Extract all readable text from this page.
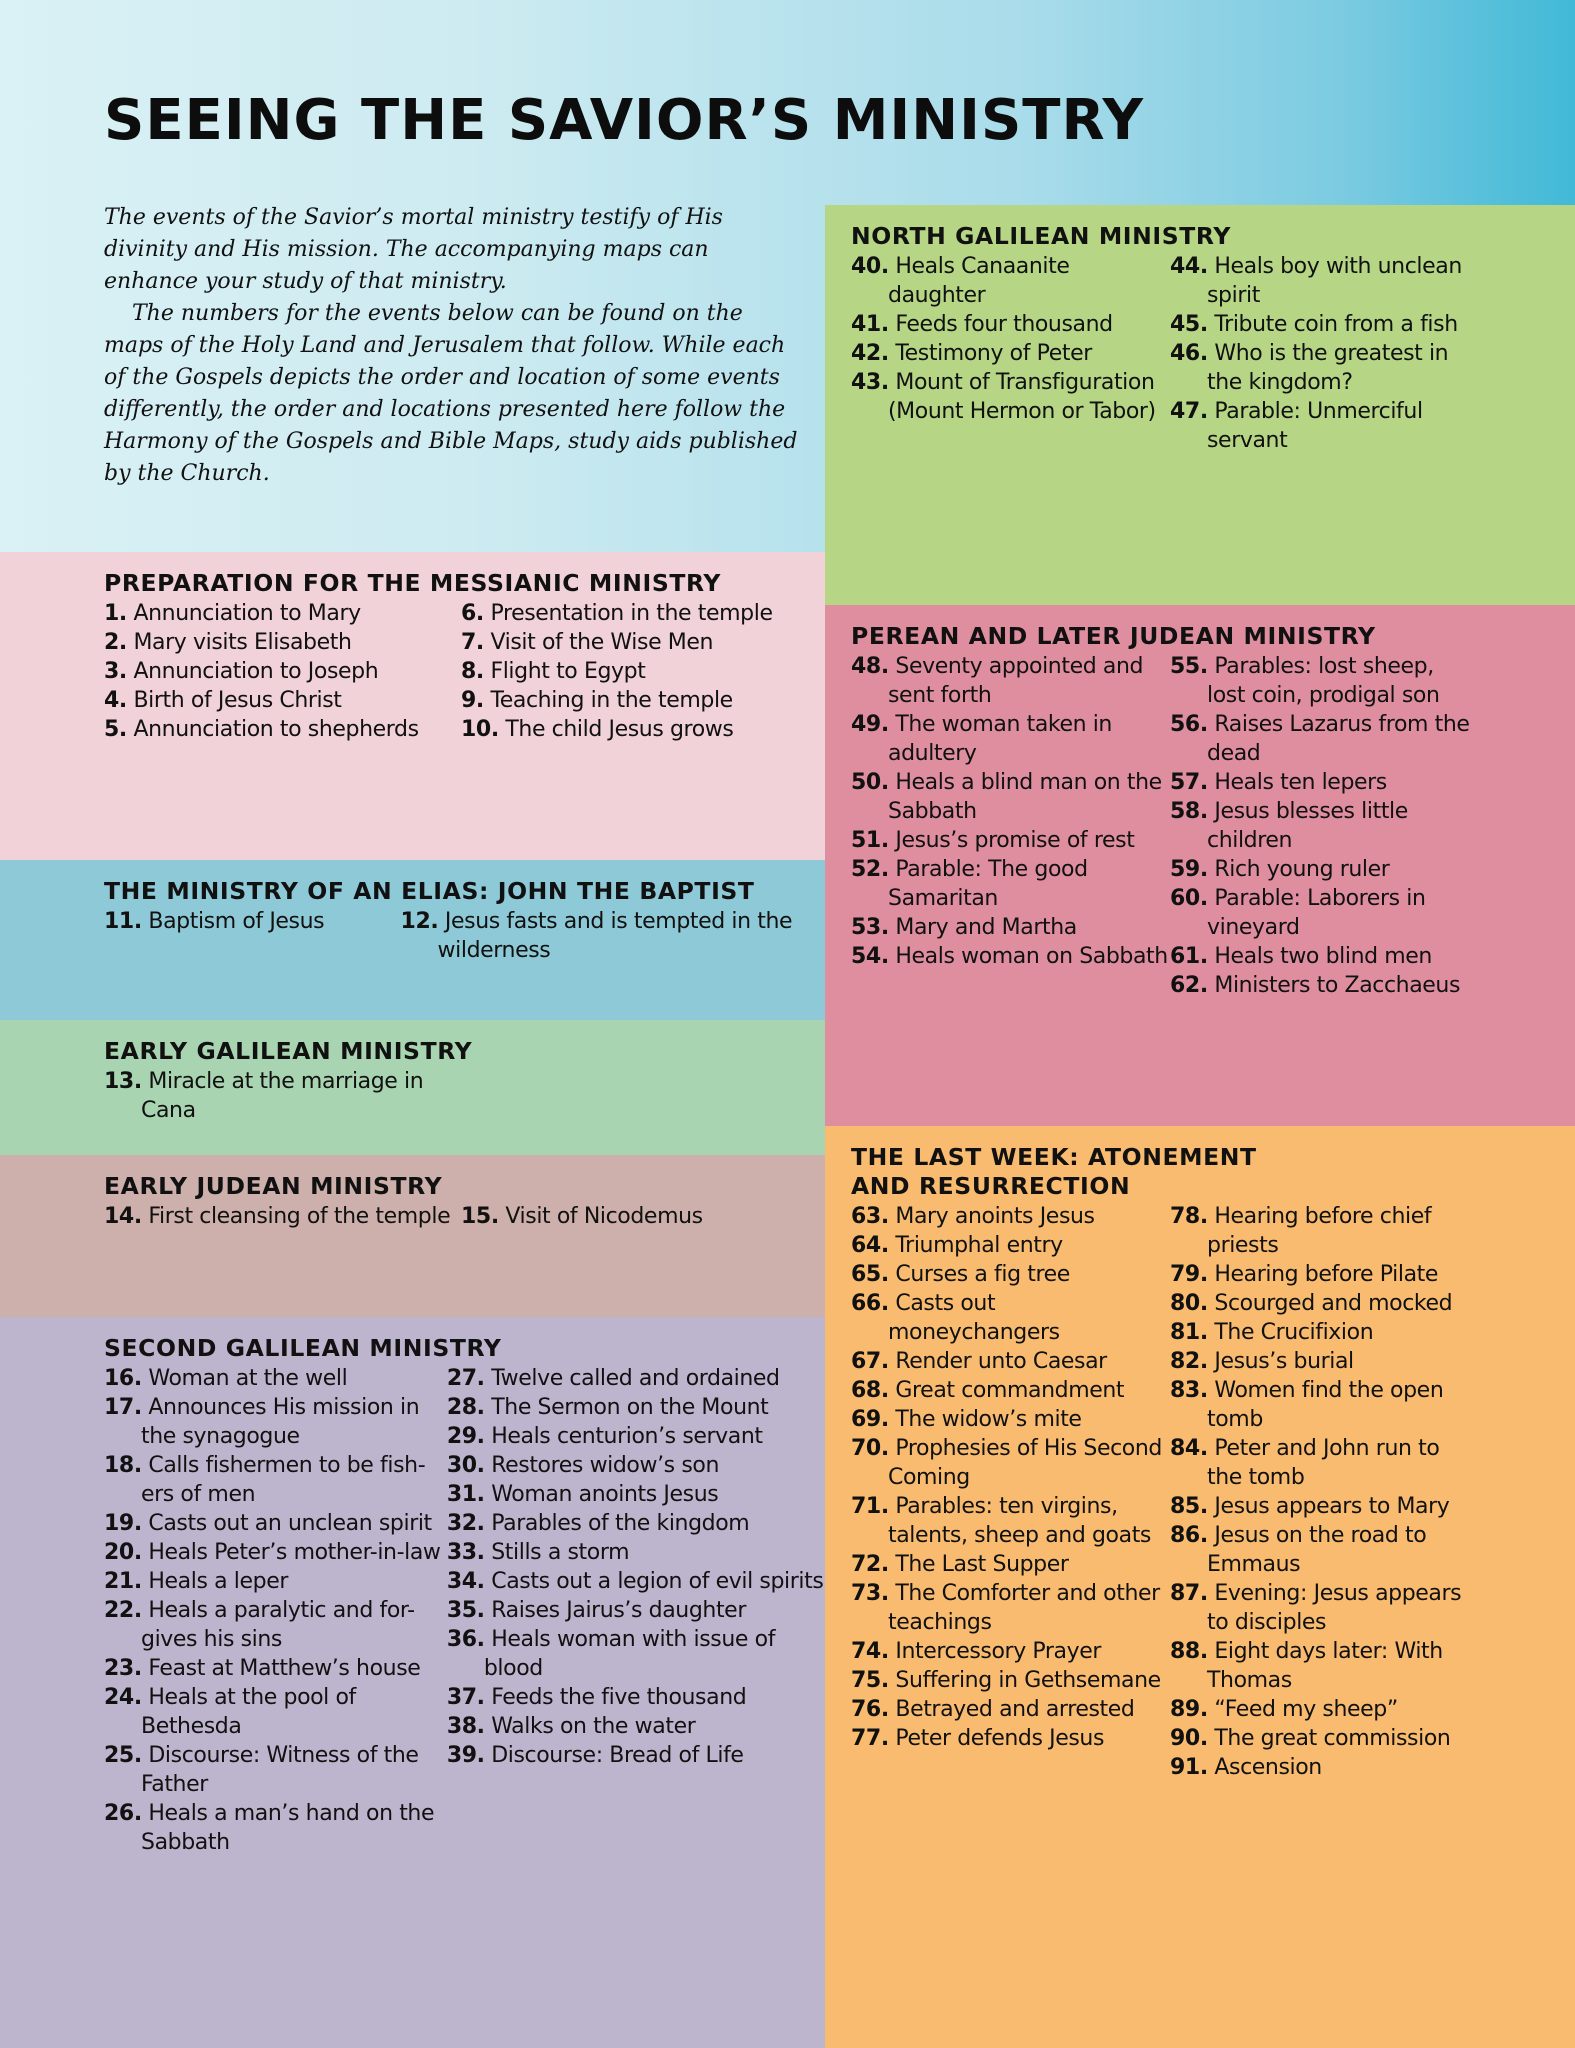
SEEING THE SAVIOR’S MINISTRY

The events of the Savior’s mortal ministry testify of His divinity and His mission. The accompanying maps can enhance your study of that ministry.

The numbers for the events below can be found on the maps of the Holy Land and Jerusalem that follow. While each of the Gospels depicts the order and location of some events differently, the order and locations presented here follow the Harmony of the Gospels and Bible Maps, study aids published by the Church.

PREPARATION FOR THE MESSIANIC MINISTRY
1. Annunciation to Mary
2. Mary visits Elisabeth
3. Annunciation to Joseph
4. Birth of Jesus Christ
5. Annunciation to shepherds
6. Presentation in the temple
7. Visit of the Wise Men
8. Flight to Egypt
9. Teaching in the temple
10. The child Jesus grows
THE MINISTRY OF AN ELIAS: JOHN THE BAPTIST
11. Baptism of Jesus	12. Jesus fasts and is tempted in the wilderness
EARLY GALILEAN MINISTRY
13. Miracle at the marriage in Cana
EARLY JUDEAN MINISTRY
14. First cleansing of the temple 15. Visit of Nicodemus
SECOND GALILEAN MINISTRY
16. Woman at the well
17. Announces His mission in the synagogue
18. Calls fishermen to be fish-ers of men
19. Casts out an unclean spirit
20. Heals Peter’s mother-in-law
21. Heals a leper
22. Heals a paralytic and for-gives his sins
23. Feast at Matthew’s house
24. Heals at the pool of Bethesda
25. Discourse: Witness of the Father
26. Heals a man’s hand on the Sabbath
27. Twelve called and ordained
28. The Sermon on the Mount
29. Heals centurion’s servant
30. Restores widow’s son
31. Woman anoints Jesus
32. Parables of the kingdom
33. Stills a storm
34. Casts out a legion of evil spirits
35. Raises Jairus’s daughter
36. Heals woman with issue of blood
37. Feeds the five thousand
38. Walks on the water
39. Discourse: Bread of Life
NORTH GALILEAN MINISTRY
40. Heals Canaanite daughter
41. Feeds four thousand
42. Testimony of Peter
43. Mount of Transfiguration (Mount Hermon or Tabor)
44. Heals boy with unclean spirit
45. Tribute coin from a fish
46. Who is the greatest in the kingdom?
47. Parable: Unmerciful servant
PEREAN AND LATER JUDEAN MINISTRY
48. Seventy appointed and sent forth
49. The woman taken in adultery
50. Heals a blind man on the Sabbath
51. Jesus’s promise of rest
52. Parable: The good Samaritan
53. Mary and Martha
54. Heals woman on Sabbath
55. Parables: lost sheep, lost coin, prodigal son
56. Raises Lazarus from the dead
57. Heals ten lepers
58. Jesus blesses little children
59. Rich young ruler
60. Parable: Laborers in vineyard
61. Heals two blind men
62. Ministers to Zacchaeus
THE LAST WEEK: ATONEMENT
AND RESURRECTION
63. Mary anoints Jesus
64. Triumphal entry
65. Curses a fig tree
66. Casts out moneychangers
67. Render unto Caesar
68. Great commandment
69. The widow’s mite
70. Prophesies of His Second Coming
71. Parables: ten virgins, talents, sheep and goats
72. The Last Supper
73. The Comforter and other teachings
74. Intercessory Prayer
75. Suffering in Gethsemane
76. Betrayed and arrested
77. Peter defends Jesus
78. Hearing before chief priests
79. Hearing before Pilate
80. Scourged and mocked
81. The Crucifixion
82. Jesus’s burial
83. Women find the open tomb
84. Peter and John run to the tomb
85. Jesus appears to Mary
86. Jesus on the road to Emmaus
87. Evening: Jesus appears to disciples
88. Eight days later: With Thomas
89. “Feed my sheep”
90. The great commission
91. Ascension
